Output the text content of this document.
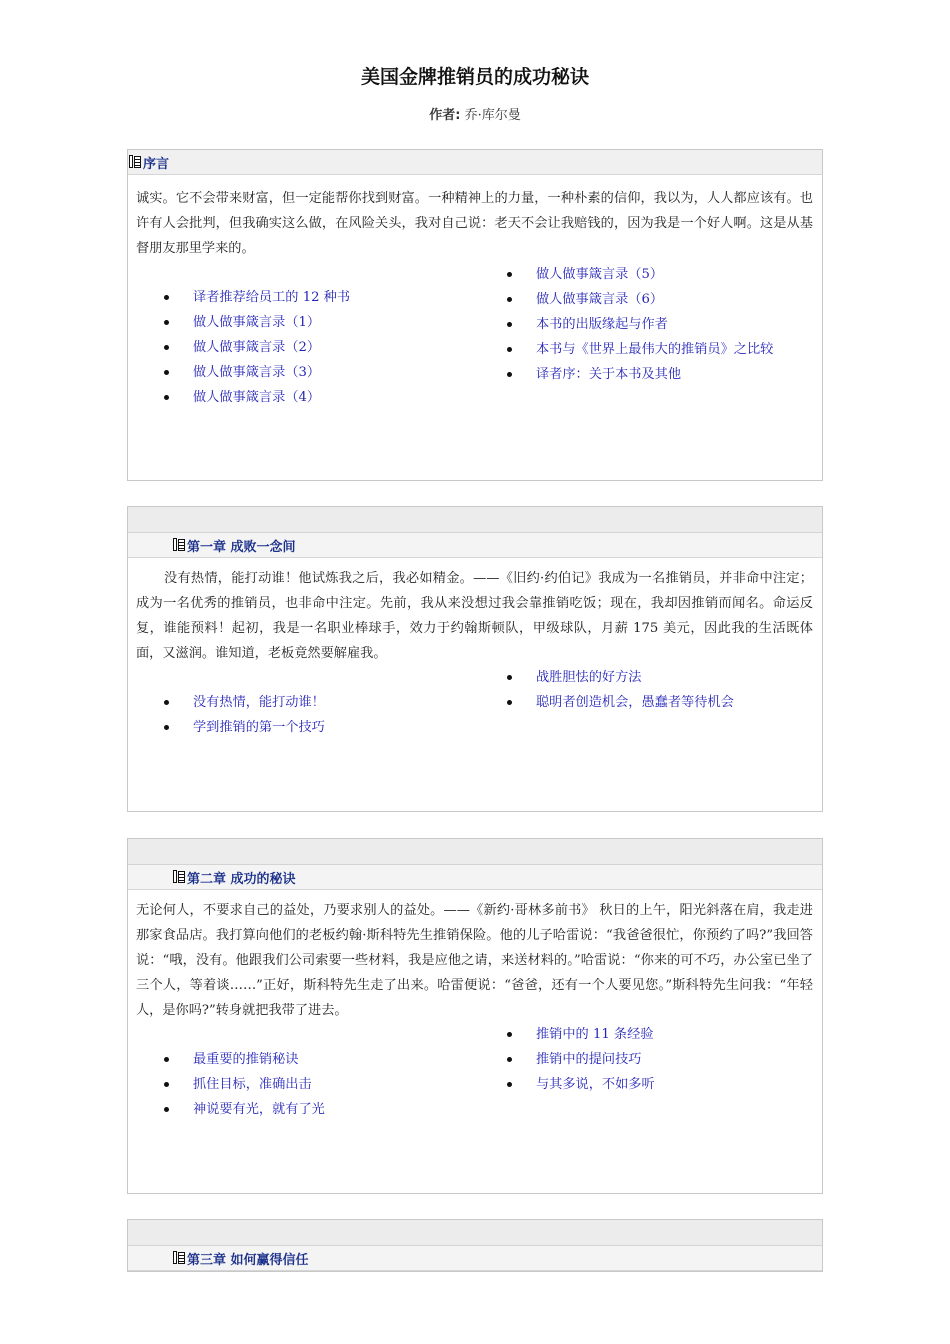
美国金牌推销员的成功秘诀
作者: 乔·库尔曼
序言
诚实。它不会带来财富，但一定能帮你找到财富。一种精神上的力量，一种朴素的信仰，我以为，人人都应该有。也许有人会批判，但我确实这么做，在风险关头，我对自己说：老天不会让我赔钱的，因为我是一个好人啊。这是从基督朋友那里学来的。
译者推荐给员工的 12 种书
做人做事箴言录（1）
做人做事箴言录（2）
做人做事箴言录（3）
做人做事箴言录（4）
做人做事箴言录（5）
做人做事箴言录（6）
本书的出版缘起与作者
本书与《世界上最伟大的推销员》之比较
译者序：关于本书及其他
第一章 成败一念间
没有热情，能打动谁！他试炼我之后，我必如精金。——《旧约·约伯记》我成为一名推销员，并非命中注定；成为一名优秀的推销员，也非命中注定。先前，我从来没想过我会靠推销吃饭；现在，我却因推销而闻名。命运反复，谁能预料！起初，我是一名职业棒球手，效力于约翰斯顿队，甲级球队，月薪 175 美元，因此我的生活既体面，又滋润。谁知道，老板竟然要解雇我。
没有热情，能打动谁！
学到推销的第一个技巧
战胜胆怯的好方法
聪明者创造机会，愚蠢者等待机会
第二章 成功的秘诀
无论何人，不要求自己的益处，乃要求别人的益处。——《新约·哥林多前书》 秋日的上午，阳光斜落在肩，我走进那家食品店。我打算向他们的老板约翰·斯科特先生推销保险。他的儿子哈雷说：“我爸爸很忙，你预约了吗?”我回答说：“哦，没有。他跟我们公司索要一些材料，我是应他之请，来送材料的。”哈雷说：“你来的可不巧，办公室已坐了三个人，等着谈……”正好，斯科特先生走了出来。哈雷便说：“爸爸，还有一个人要见您。”斯科特先生问我：“年轻人，是你吗?”转身就把我带了进去。
最重要的推销秘诀
抓住目标，准确出击
神说要有光，就有了光
推销中的 11 条经验
推销中的提问技巧
与其多说，不如多听
第三章 如何赢得信任
